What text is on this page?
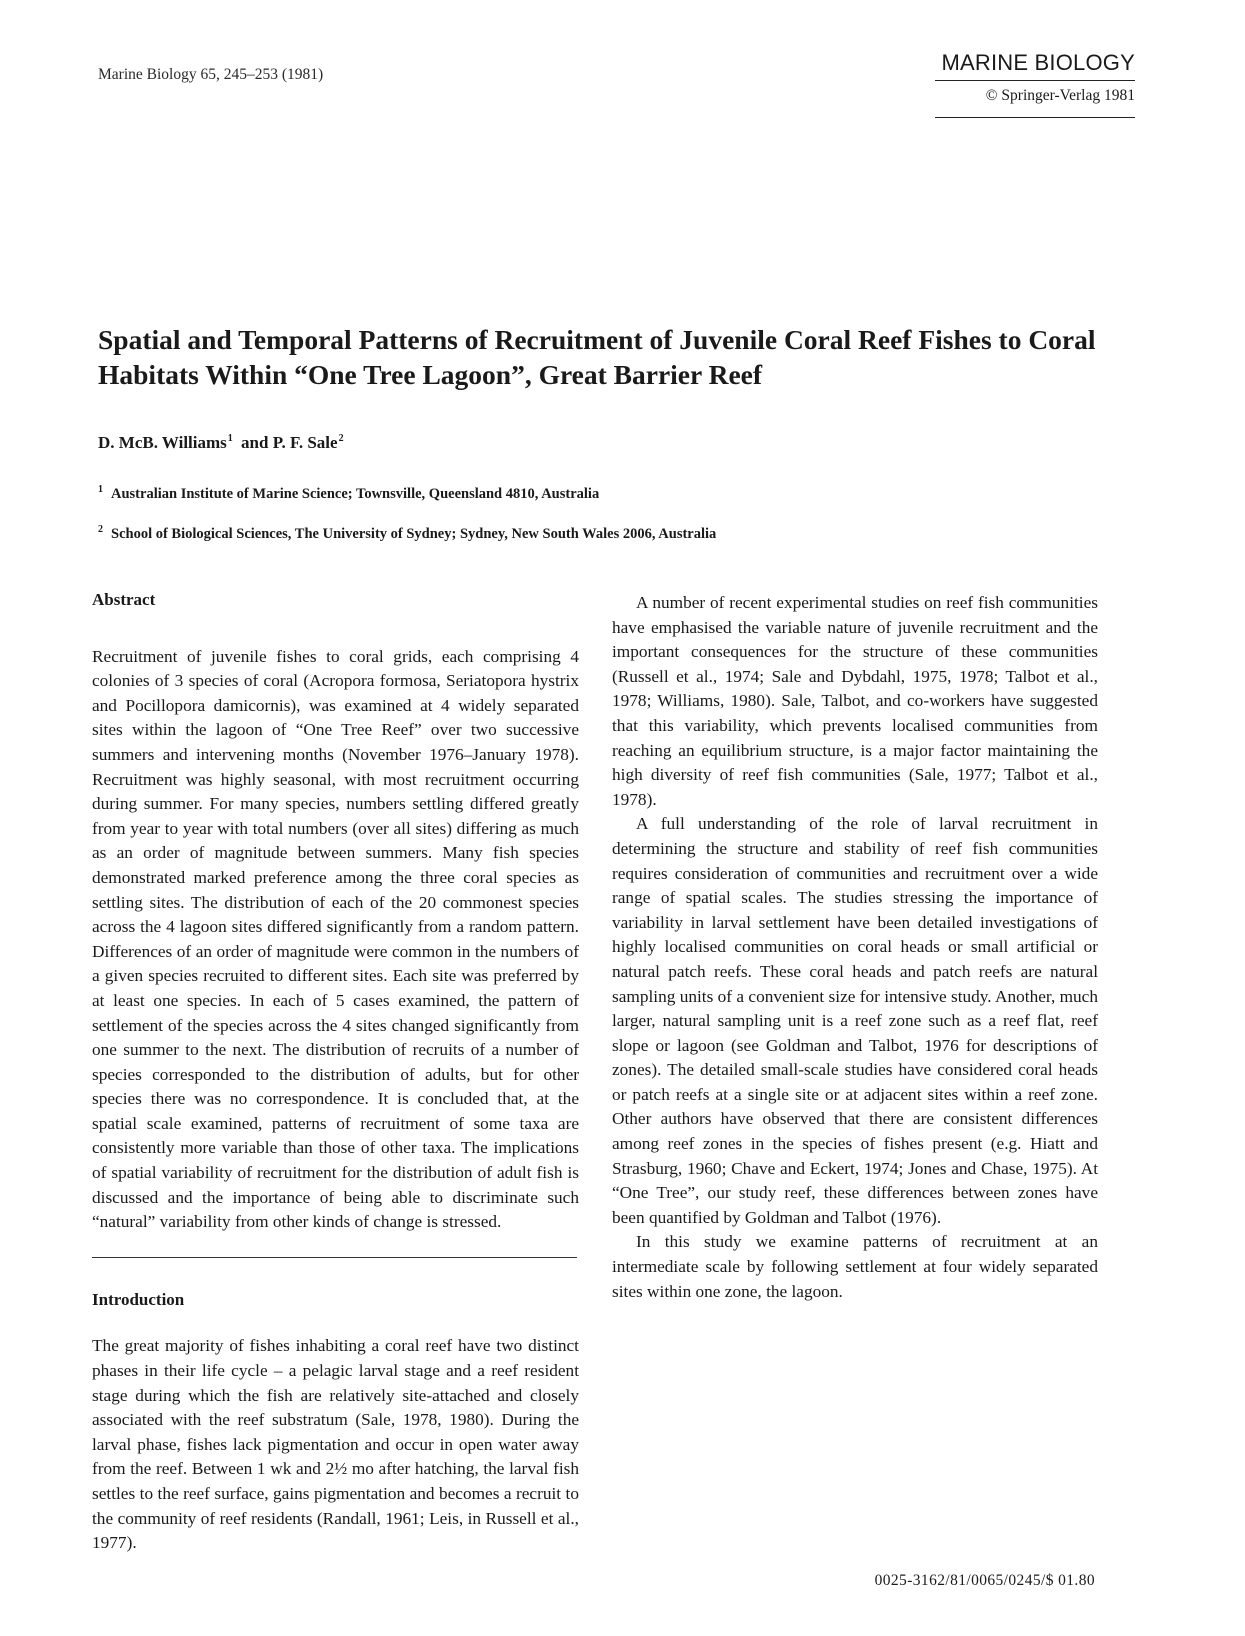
Marine Biology 65, 245–253 (1981)	MARINE BIOLOGY
© Springer-Verlag 1981
Spatial and Temporal Patterns of Recruitment of Juvenile Coral Reef Fishes to Coral Habitats Within “One Tree Lagoon”, Great Barrier Reef
D. McB. Williams$^1$ and P. F. Sale$^2$
$^1$ Australian Institute of Marine Science; Townsville, Queensland 4810, Australia
$^2$ School of Biological Sciences, The University of Sydney; Sydney, New South Wales 2006, Australia
Abstract

Recruitment of juvenile fishes to coral grids, each comprising 4 colonies of 3 species of coral (Acropora formosa, Seriatopora hystrix and Pocillopora damicornis), was examined at 4 widely separated sites within the lagoon of “One Tree Reef” over two successive summers and intervening months (November 1976–January 1978). Recruitment was highly seasonal, with most recruitment occurring during summer. For many species, numbers settling differed greatly from year to year with total numbers (over all sites) differing as much as an order of magnitude between summers. Many fish species demonstrated marked preference among the three coral species as settling sites. The distribution of each of the 20 commonest species across the 4 lagoon sites differed significantly from a random pattern. Differences of an order of magnitude were common in the numbers of a given species recruited to different sites. Each site was preferred by at least one species. In each of 5 cases examined, the pattern of settlement of the species across the 4 sites changed significantly from one summer to the next. The distribution of recruits of a number of species corresponded to the distribution of adults, but for other species there was no correspondence. It is concluded that, at the spatial scale examined, patterns of recruitment of some taxa are consistently more variable than those of other taxa. The implications of spatial variability of recruitment for the distribution of adult fish is discussed and the importance of being able to discriminate such “natural” variability from other kinds of change is stressed.

Introduction

The great majority of fishes inhabiting a coral reef have two distinct phases in their life cycle – a pelagic larval stage and a reef resident stage during which the fish are relatively site-attached and closely associated with the reef substratum (Sale, 1978, 1980). During the larval phase, fishes lack pigmentation and occur in open water away from the reef. Between 1 wk and 2½ mo after hatching, the larval fish settles to the reef surface, gains pigmentation and becomes a recruit to the community of reef residents (Randall, 1961; Leis, in Russell et al., 1977).

A number of recent experimental studies on reef fish communities have emphasised the variable nature of juvenile recruitment and the important consequences for the structure of these communities (Russell et al., 1974; Sale and Dybdahl, 1975, 1978; Talbot et al., 1978; Williams, 1980). Sale, Talbot, and co-workers have suggested that this variability, which prevents localised communities from reaching an equilibrium structure, is a major factor maintaining the high diversity of reef fish communities (Sale, 1977; Talbot et al., 1978).

A full understanding of the role of larval recruitment in determining the structure and stability of reef fish communities requires consideration of communities and recruitment over a wide range of spatial scales. The studies stressing the importance of variability in larval settlement have been detailed investigations of highly localised communities on coral heads or small artificial or natural patch reefs. These coral heads and patch reefs are natural sampling units of a convenient size for intensive study. Another, much larger, natural sampling unit is a reef zone such as a reef flat, reef slope or lagoon (see Goldman and Talbot, 1976 for descriptions of zones). The detailed small-scale studies have considered coral heads or patch reefs at a single site or at adjacent sites within a reef zone. Other authors have observed that there are consistent differences among reef zones in the species of fishes present (e.g. Hiatt and Strasburg, 1960; Chave and Eckert, 1974; Jones and Chase, 1975). At “One Tree”, our study reef, these differences between zones have been quantified by Goldman and Talbot (1976).

In this study we examine patterns of recruitment at an intermediate scale by following settlement at four widely separated sites within one zone, the lagoon.

0025-3162/81/0065/0245/$ 01.80
